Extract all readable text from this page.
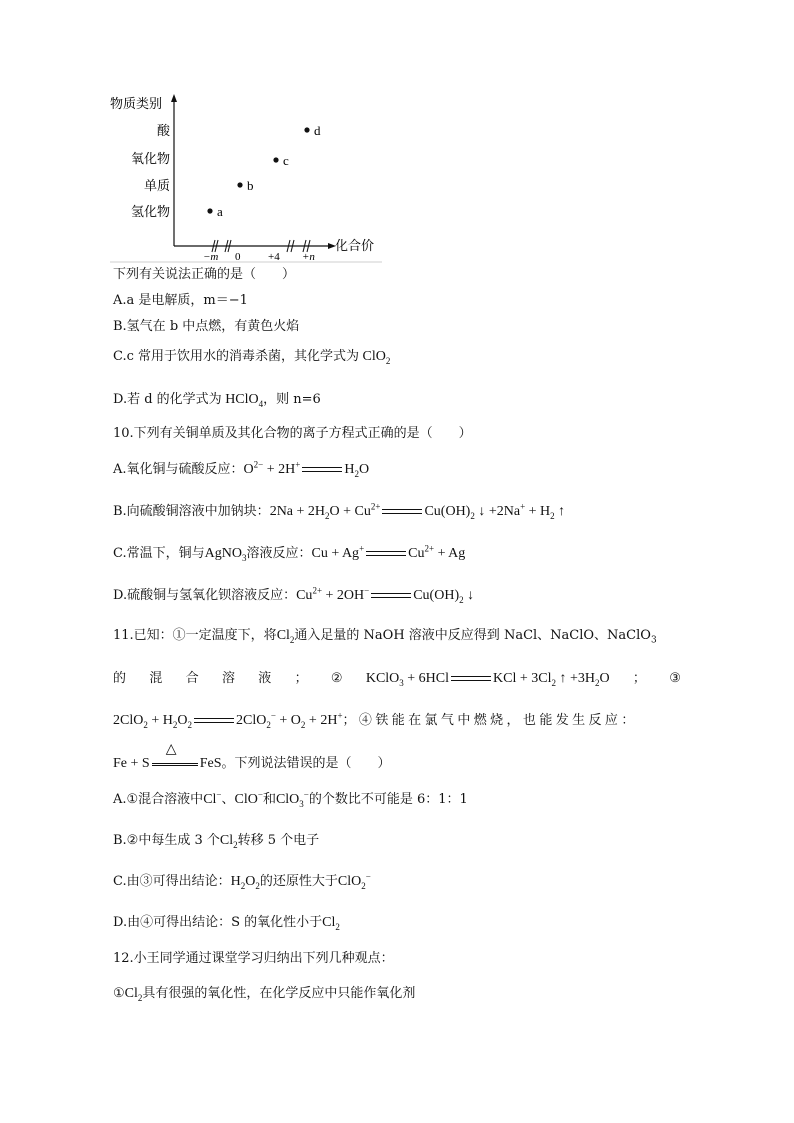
物质类别
化合价
氢化物
单质
氧化物
酸
−m 0	+4 +n
a
b
c
d
下列有关说法正确的是（　　）
A.a 是电解质，m＝−1
B.氢气在 b 中点燃，有黄色火焰
C.c 常用于饮用水的消毒杀菌，其化学式为 ClO$_2$
D.若 d 的化学式为 HClO$_4$，则 n=6
10.下列有关铜单质及其化合物的离子方程式正确的是（　　）
A.氧化铜与硫酸反应：$O^{2-} + 2H^+$	$H_2O$
B.向硫酸铜溶液中加钠块：$2Na + 2H_2O + Cu^{2+}$	$Cu(OH)_2$ ↓ $+2Na^+ + H_2$ ↑
C.常温下，铜与AgNO$_3$溶液反应：Cu + Ag+	$Cu^{2+} + Ag$
D.硫酸铜与氢氧化钡溶液反应：$Cu^{2+} + 2OH^-$	$Cu(OH)_2$ ↓
11.已知：①一定温度下，将$Cl_2$通入足量的 NaOH 溶液中反应得到 NaCl、NaClO、NaClO$_3$
的 混 合 溶 液 ； ② KClO$_3$ + 6HCl	KCl + $3Cl_2$ ↑ $+3H_2O$ ； ③
$2ClO_2 + H_2O_2$	$2ClO_2^- + O_2 + 2H^+$；④铁能在氯气中燃烧，也能发生反应：
Fe + S
△
FeS。下列说法错误的是（　　）
A.①混合溶液中Cl−、ClO−和ClO$_3$−的个数比不可能是 6：1：1
B.②中每生成 3 个$Cl_2$转移 5 个电子
C.由③可得出结论：$H_2O_2$的还原性大于ClO$_2$−
D.由④可得出结论：S 的氧化性小于$Cl_2$
12.小王同学通过课堂学习归纳出下列几种观点：
$①Cl_2$具有很强的氧化性，在化学反应中只能作氧化剂
